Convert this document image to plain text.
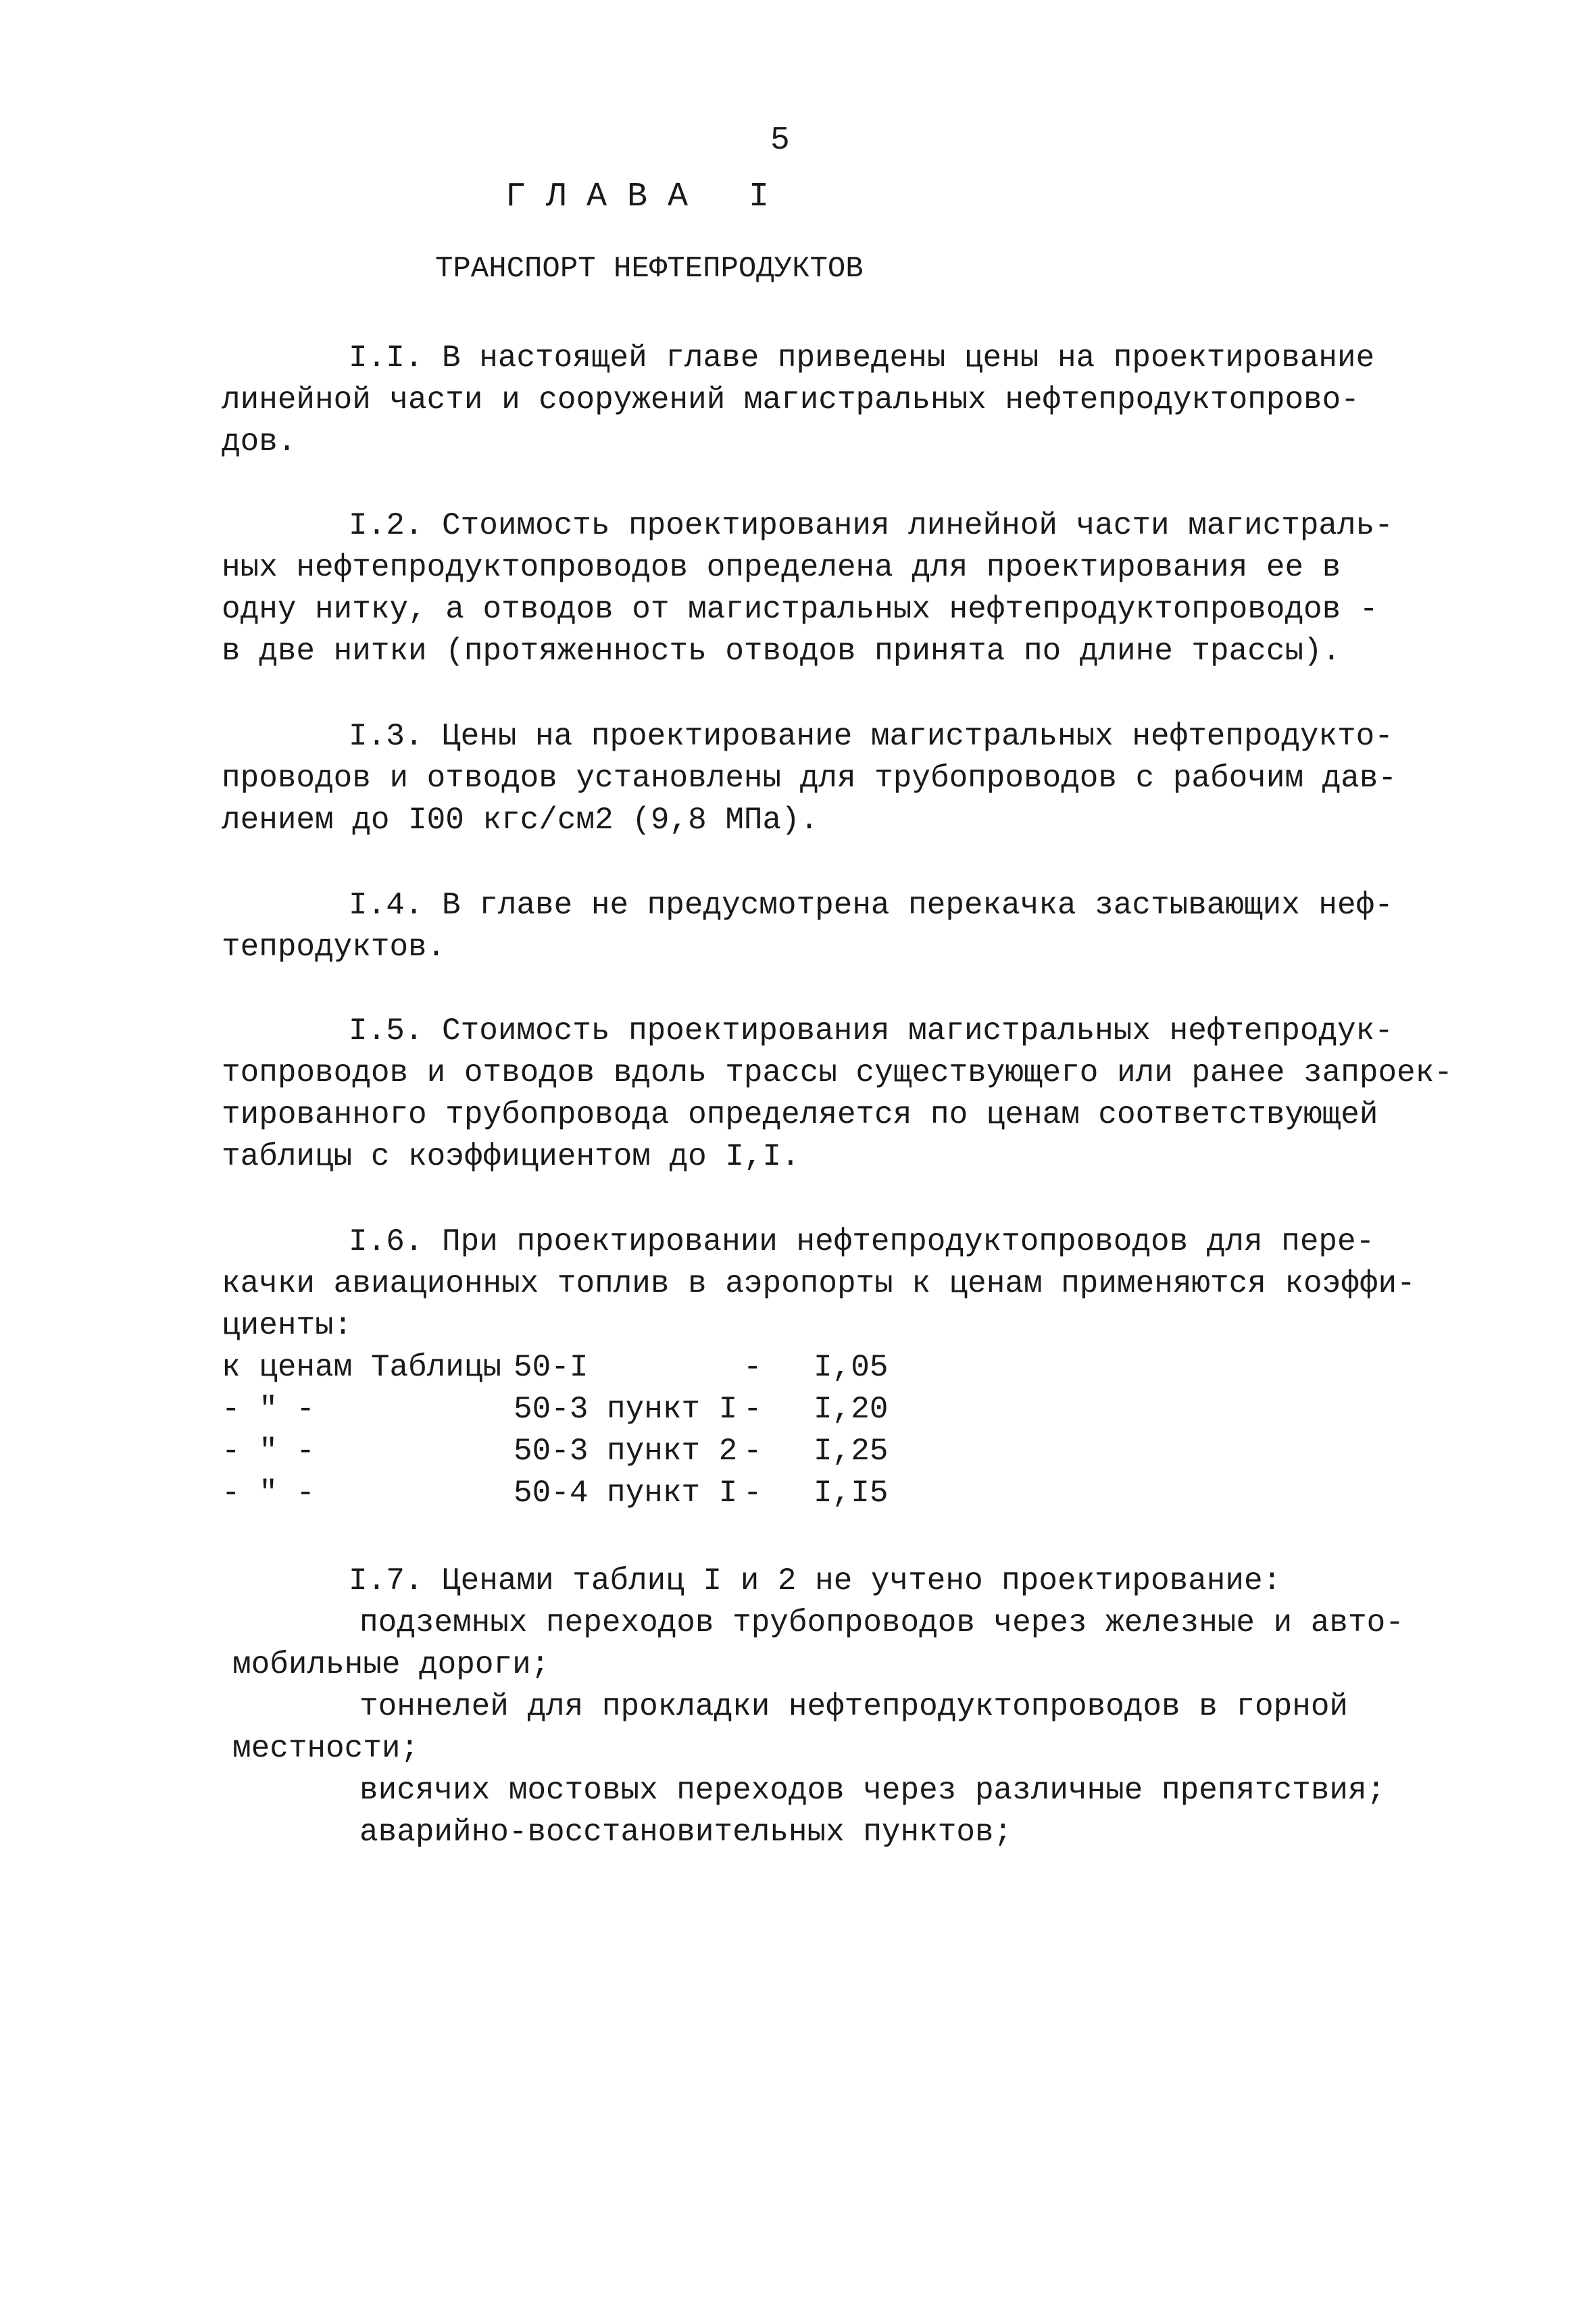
5
Г Л А В А   I
ТРАНСПОРТ НЕФТЕПРОДУКТОВ
I.I. В настоящей главе приведены цены на проектирование
линейной части и сооружений магистральных нефтепродуктопрово-
дов.
I.2. Стоимость проектирования линейной части магистраль-
ных нефтепродуктопроводов определена для проектирования ее в
одну нитку, а отводов от магистральных нефтепродуктопроводов -
в две нитки (протяженность отводов принята по длине трассы).
I.3. Цены на проектирование магистральных нефтепродукто-
проводов и отводов установлены для трубопроводов с рабочим дав-
лением до I00 кгс/см2 (9,8 МПа).
I.4. В главе не предусмотрена перекачка застывающих неф-
тепродуктов.
I.5. Стоимость проектирования магистральных нефтепродук-
топроводов и отводов вдоль трассы существующего или ранее запроек-
тированного трубопровода определяется по ценам соответствующей
таблицы с коэффициентом до I,I.
I.6. При проектировании нефтепродуктопроводов для пере-
качки авиационных топлив в аэропорты к ценам применяются коэффи-
циенты:
к ценам Таблицы 50-I	- I,05
- " -	50-3 пункт I - I,20
- " -	50-3 пункт 2 - I,25
- " -	50-4 пункт I - I,I5
I.7. Ценами таблиц I и 2 не учтено проектирование:
подземных переходов трубопроводов через железные и авто-
мобильные дороги;
тоннелей для прокладки нефтепродуктопроводов в горной
местности;
висячих мостовых переходов через различные препятствия;
аварийно-восстановительных пунктов;
